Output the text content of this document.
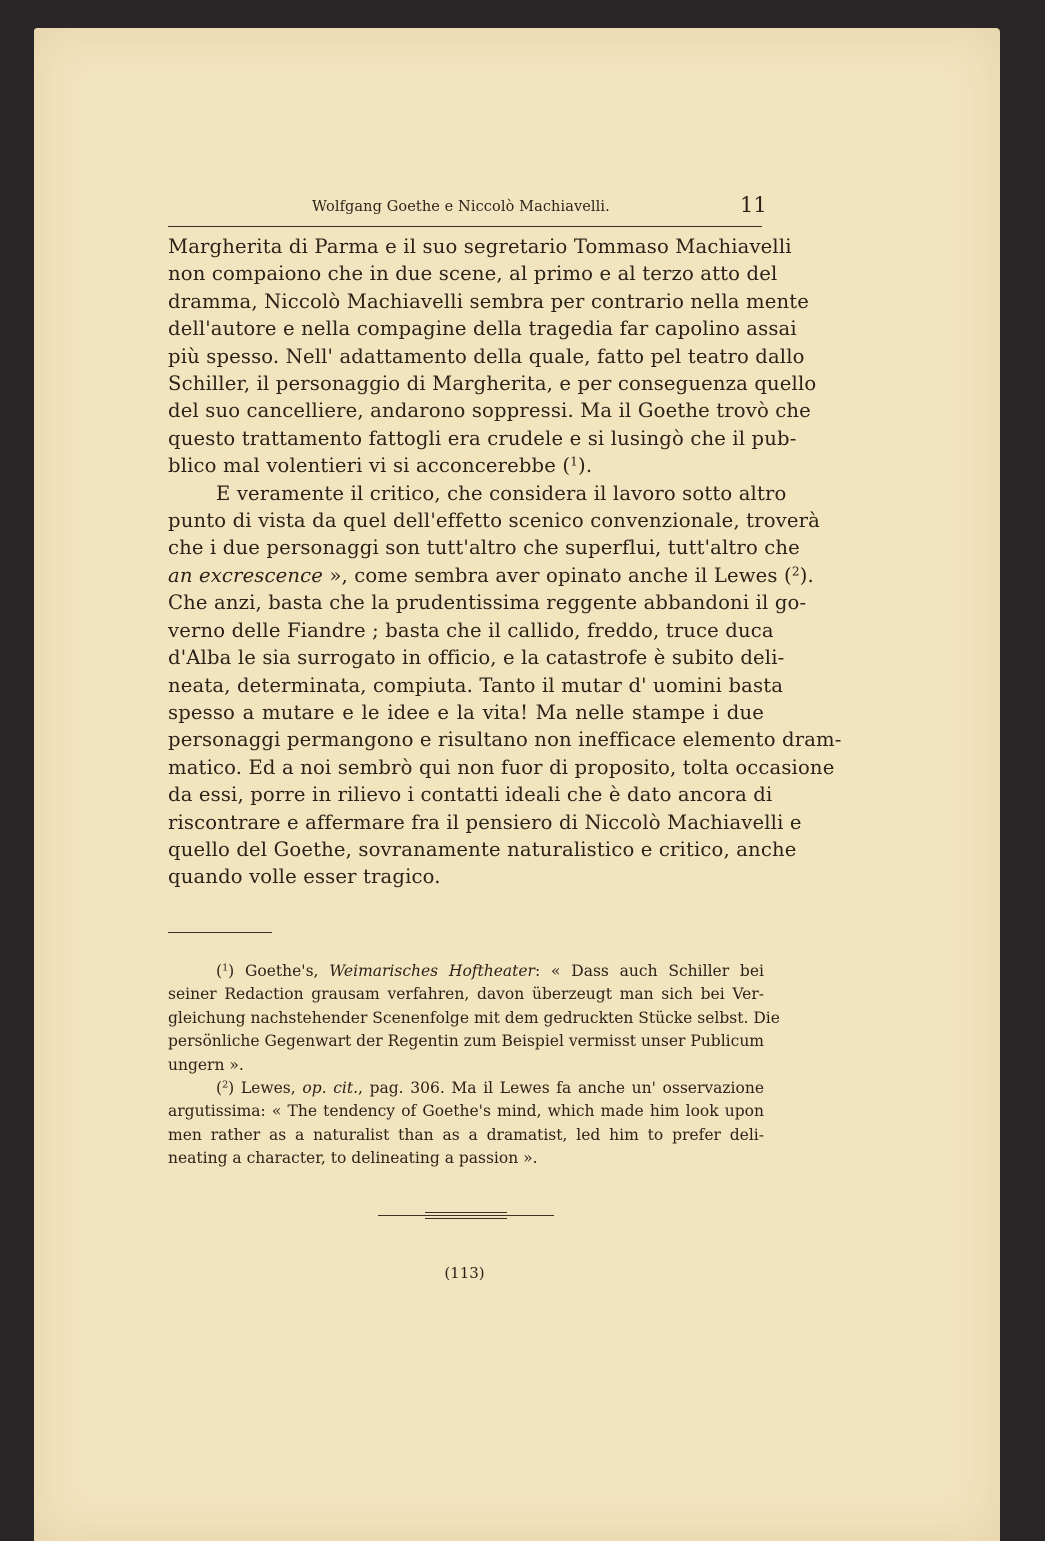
Wolfgang Goethe e Niccolò Machiavelli.	11
Margherita di Parma e il suo segretario Tommaso Machiavelli
non compaiono che in due scene, al primo e al terzo atto del
dramma, Niccolò Machiavelli sembra per contrario nella mente
dell'autore e nella compagine della tragedia far capolino assai
più spesso. Nell' adattamento della quale, fatto pel teatro dallo
Schiller, il personaggio di Margherita, e per conseguenza quello
del suo cancelliere, andarono soppressi. Ma il Goethe trovò che
questo trattamento fattogli era crudele e si lusingò che il pub-
blico mal volentieri vi si acconcerebbe ($^1$).
E veramente il critico, che considera il lavoro sotto altro
punto di vista da quel dell'effetto scenico convenzionale, troverà
che i due personaggi son tutt'altro che superflui, tutt'altro che
an excrescence », come sembra aver opinato anche il Lewes ($^2$).
Che anzi, basta che la prudentissima reggente abbandoni il go-
verno delle Fiandre ; basta che il callido, freddo, truce duca
d'Alba le sia surrogato in officio, e la catastrofe è subito deli-
neata, determinata, compiuta. Tanto il mutar d' uomini basta
spesso a mutare e le idee e la vita! Ma nelle stampe i due
personaggi permangono e risultano non inefficace elemento dram-
matico. Ed a noi sembrò qui non fuor di proposito, tolta occasione
da essi, porre in rilievo i contatti ideali che è dato ancora di
riscontrare e affermare fra il pensiero di Niccolò Machiavelli e
quello del Goethe, sovranamente naturalistico e critico, anche
quando volle esser tragico.
($^1$) Goethe's, Weimarisches Hoftheater: « Dass auch Schiller bei
seiner Redaction grausam verfahren, davon überzeugt man sich bei Ver-
gleichung nachstehender Scenenfolge mit dem gedruckten Stücke selbst. Die
persönliche Gegenwart der Regentin zum Beispiel vermisst unser Publicum
ungern ».
($^2$) Lewes, op. cit., pag. 306. Ma il Lewes fa anche un' osservazione
argutissima: « The tendency of Goethe's mind, which made him look upon
men rather as a naturalist than as a dramatist, led him to prefer deli-
neating a character, to delineating a passion ».
(113)
